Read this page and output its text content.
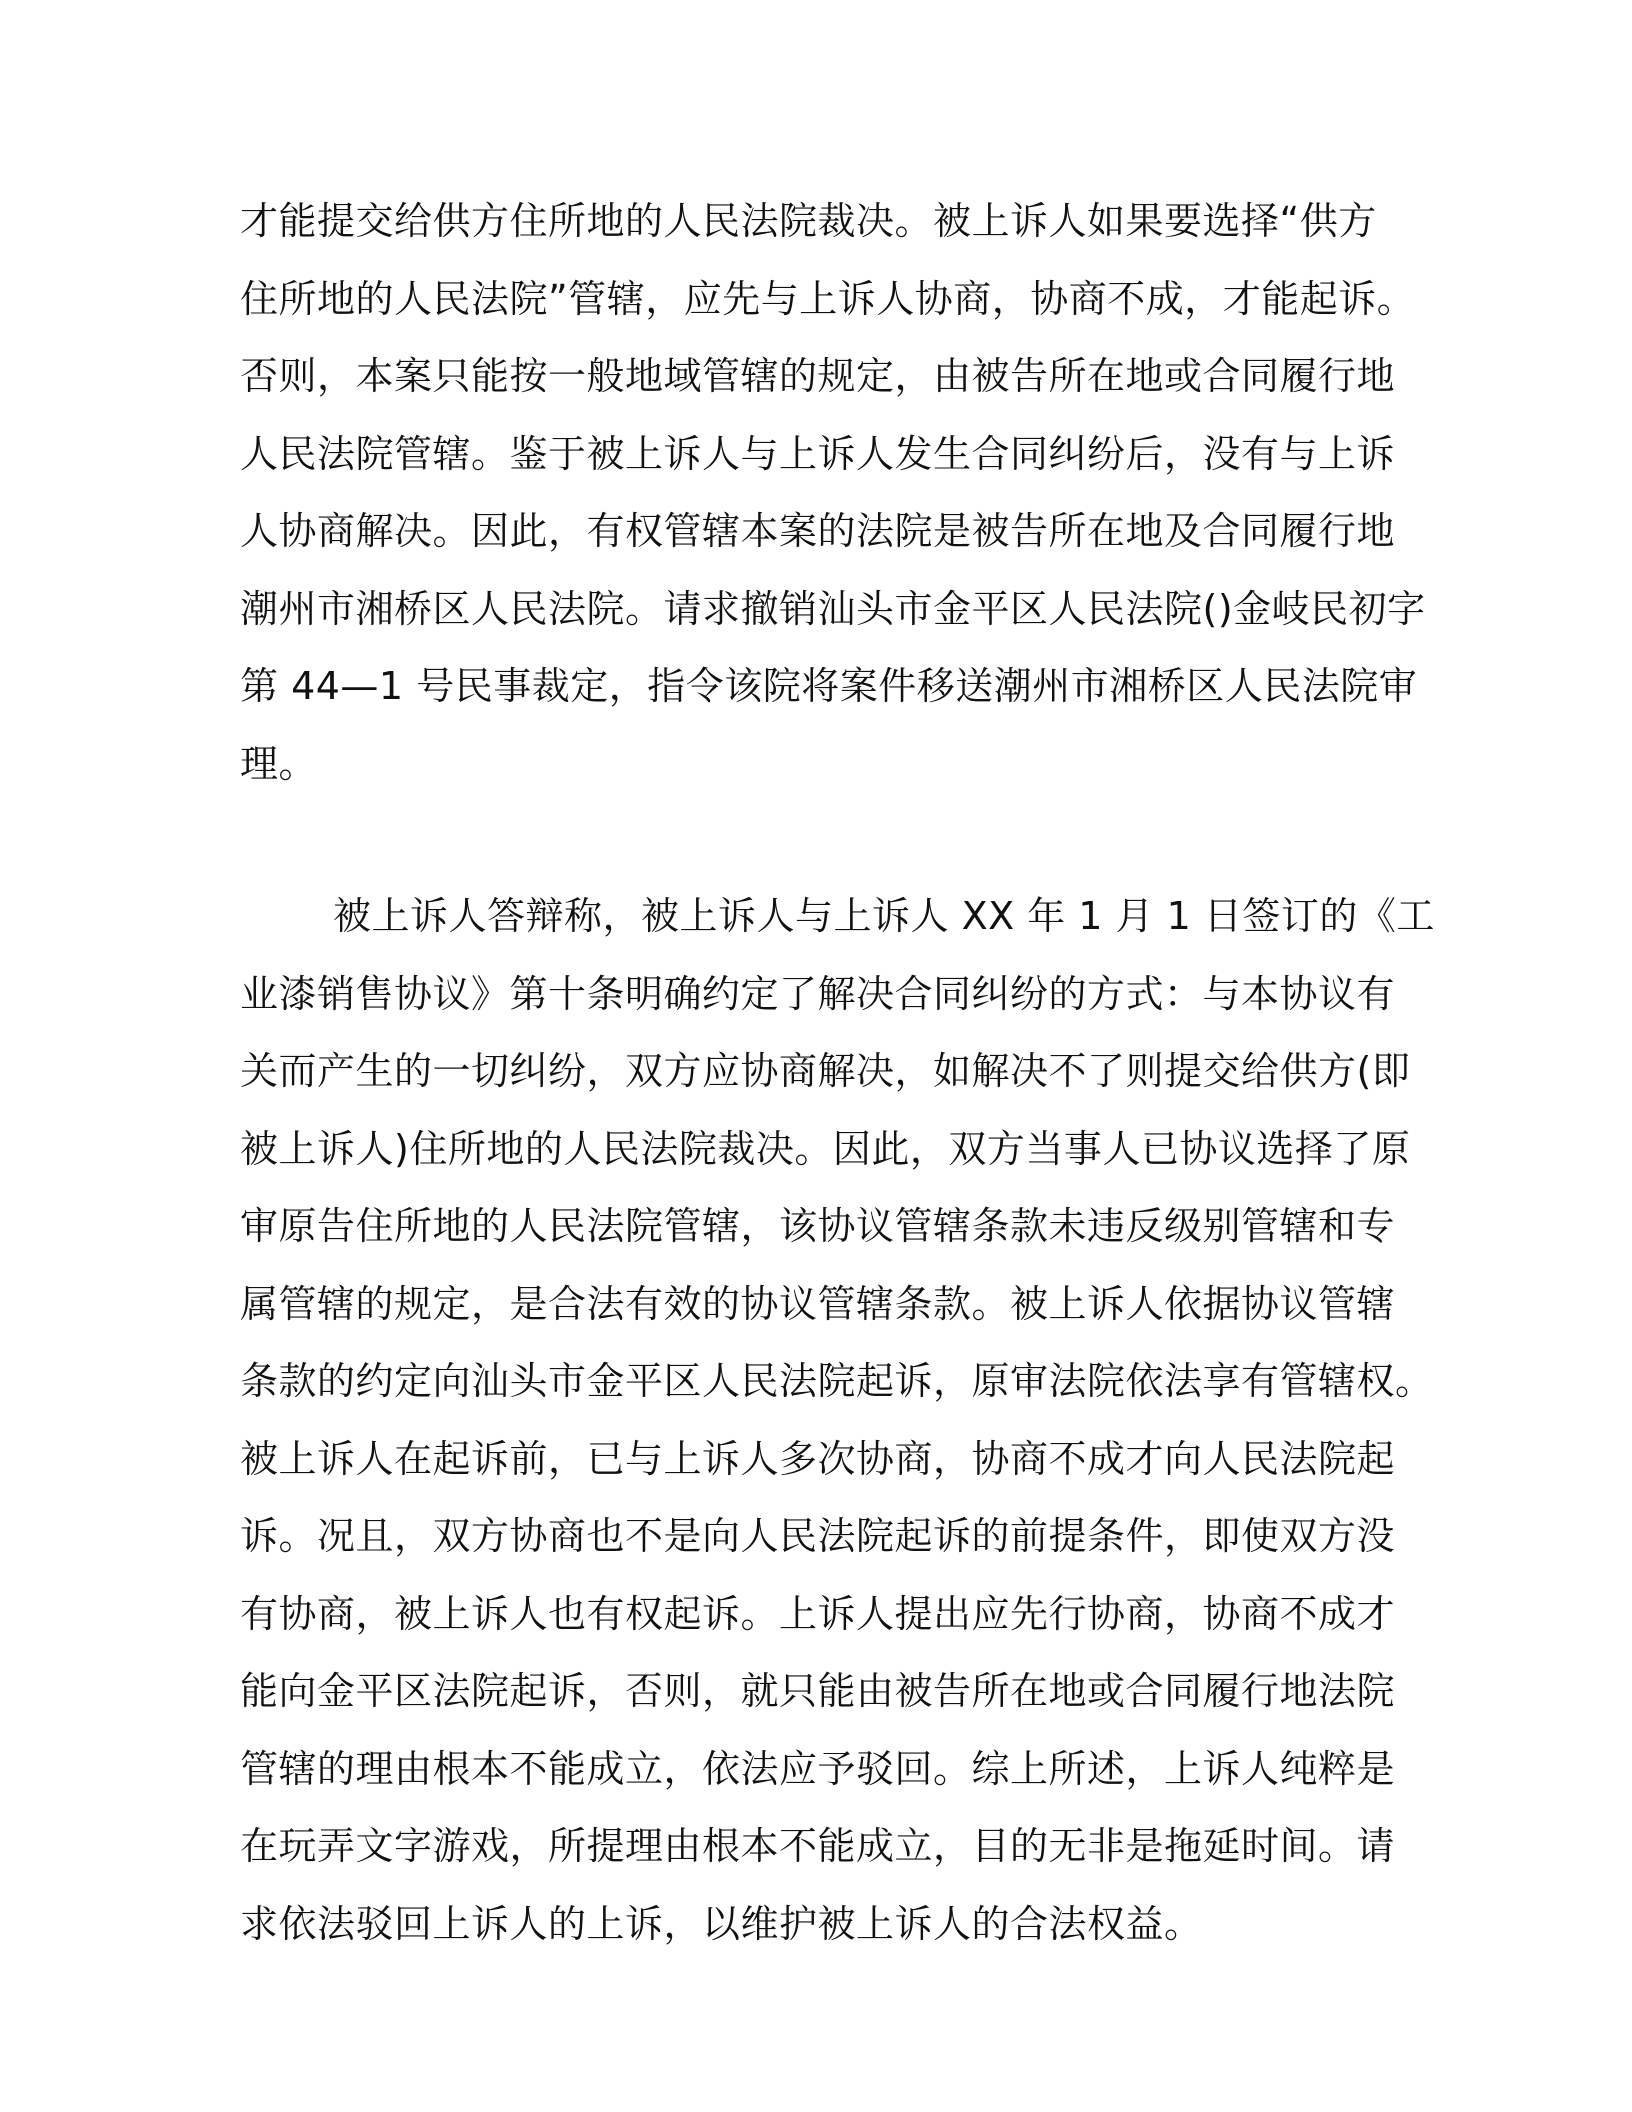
才能提交给供方住所地的人民法院裁决。被上诉人如果要选择“供方
住所地的人民法院”管辖，应先与上诉人协商，协商不成，才能起诉。
否则，本案只能按一般地域管辖的规定，由被告所在地或合同履行地
人民法院管辖。鉴于被上诉人与上诉人发生合同纠纷后，没有与上诉
人协商解决。因此，有权管辖本案的法院是被告所在地及合同履行地
潮州市湘桥区人民法院。请求撤销汕头市金平区人民法院()金岐民初字
第 44—1 号民事裁定，指令该院将案件移送潮州市湘桥区人民法院审
理。
被上诉人答辩称，被上诉人与上诉人 XX 年 1 月 1 日签订的《工
业漆销售协议》第十条明确约定了解决合同纠纷的方式：与本协议有
关而产生的一切纠纷，双方应协商解决，如解决不了则提交给供方(即
被上诉人)住所地的人民法院裁决。因此，双方当事人已协议选择了原
审原告住所地的人民法院管辖，该协议管辖条款未违反级别管辖和专
属管辖的规定，是合法有效的协议管辖条款。被上诉人依据协议管辖
条款的约定向汕头市金平区人民法院起诉，原审法院依法享有管辖权。
被上诉人在起诉前，已与上诉人多次协商，协商不成才向人民法院起
诉。况且，双方协商也不是向人民法院起诉的前提条件，即使双方没
有协商，被上诉人也有权起诉。上诉人提出应先行协商，协商不成才
能向金平区法院起诉，否则，就只能由被告所在地或合同履行地法院
管辖的理由根本不能成立，依法应予驳回。综上所述，上诉人纯粹是
在玩弄文字游戏，所提理由根本不能成立，目的无非是拖延时间。请
求依法驳回上诉人的上诉，以维护被上诉人的合法权益。
